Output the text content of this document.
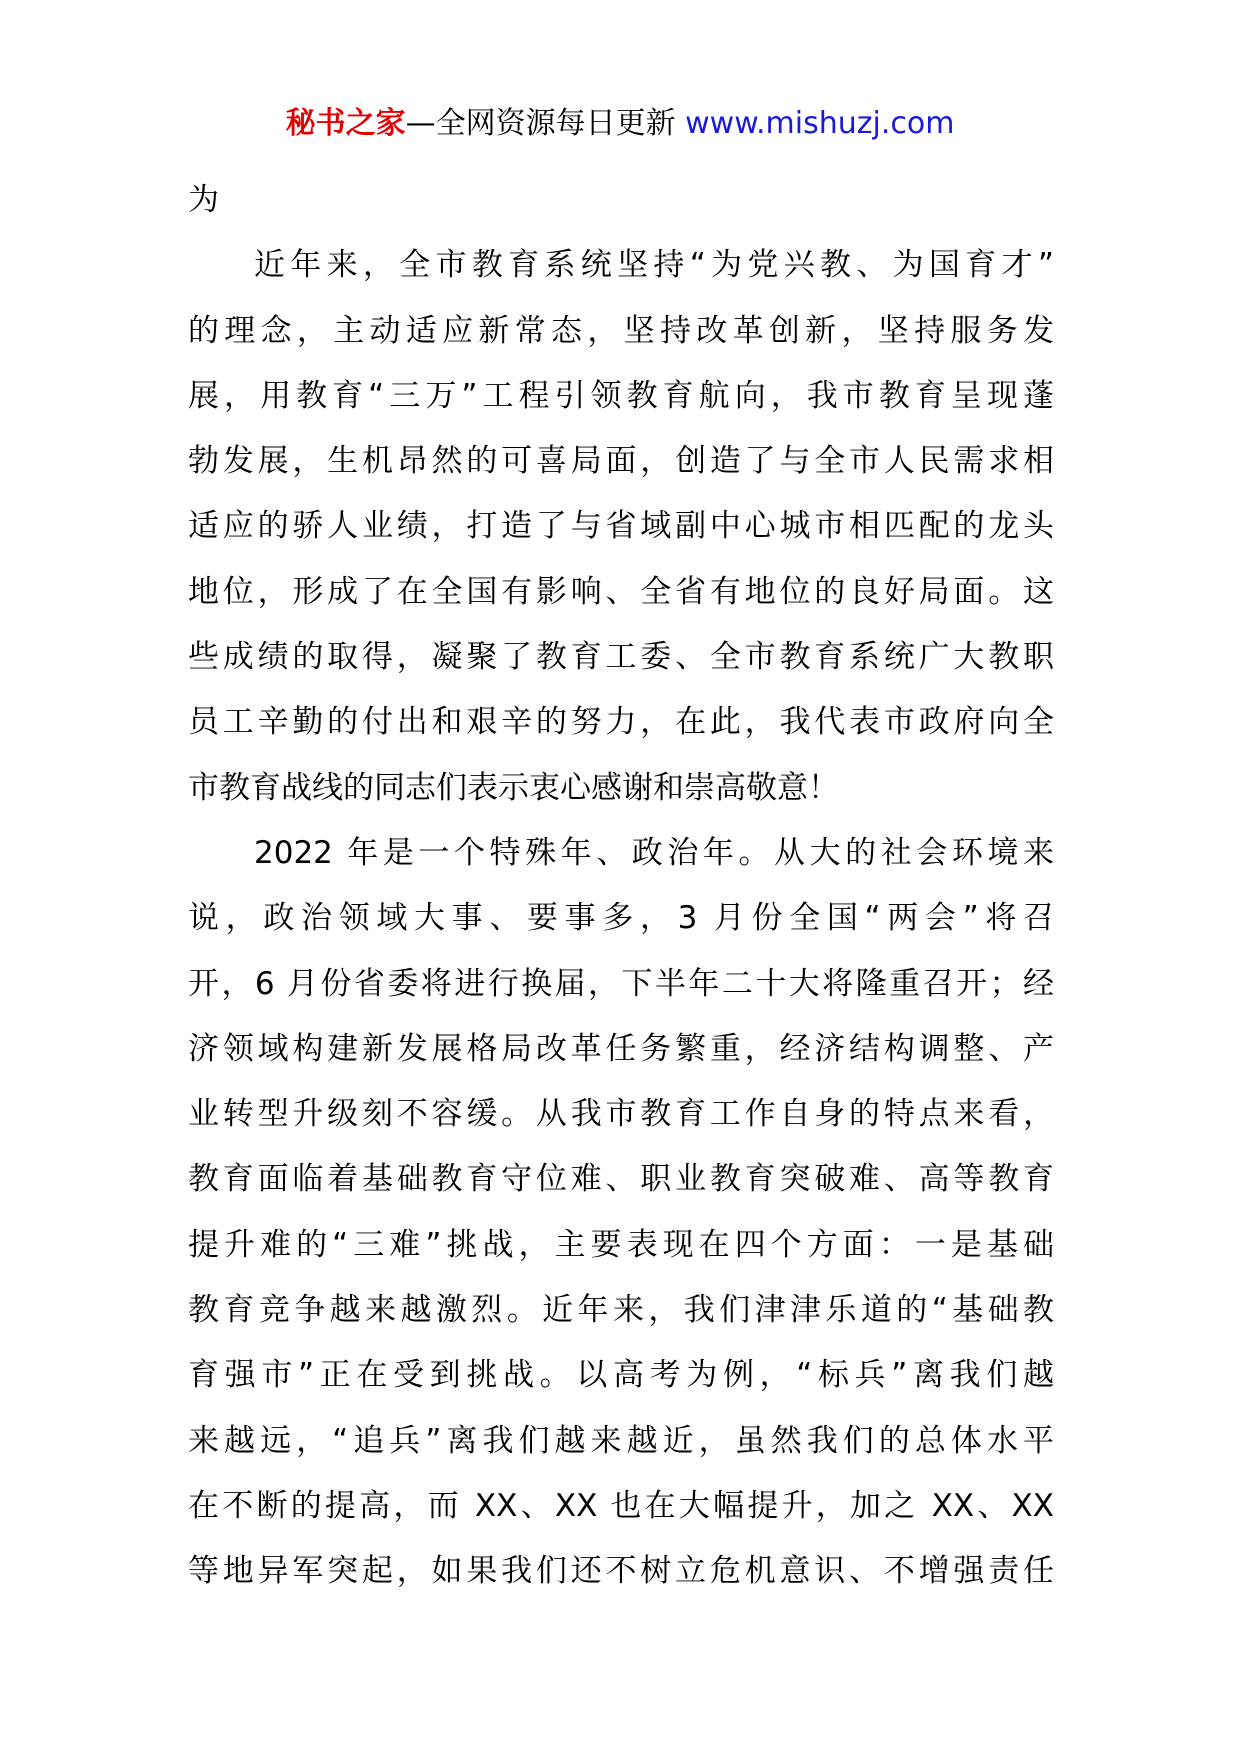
秘书之家—全网资源每日更新 www.mishuzj.com
为
近年来，全市教育系统坚持“为党兴教、为国育才”
的理念，主动适应新常态，坚持改革创新，坚持服务发
展，用教育“三万”工程引领教育航向，我市教育呈现蓬
勃发展，生机昂然的可喜局面，创造了与全市人民需求相
适应的骄人业绩，打造了与省域副中心城市相匹配的龙头
地位，形成了在全国有影响、全省有地位的良好局面。这
些成绩的取得，凝聚了教育工委、全市教育系统广大教职
员工辛勤的付出和艰辛的努力，在此，我代表市政府向全
市教育战线的同志们表示衷心感谢和崇高敬意！
2022 年是一个特殊年、政治年。从大的社会环境来
说，政治领域大事、要事多，3 月份全国“两会”将召
开，6 月份省委将进行换届，下半年二十大将隆重召开；经
济领域构建新发展格局改革任务繁重，经济结构调整、产
业转型升级刻不容缓。从我市教育工作自身的特点来看，
教育面临着基础教育守位难、职业教育突破难、高等教育
提升难的“三难”挑战，主要表现在四个方面：一是基础
教育竞争越来越激烈。近年来，我们津津乐道的“基础教
育强市”正在受到挑战。以高考为例，“标兵”离我们越
来越远，“追兵”离我们越来越近，虽然我们的总体水平
在不断的提高，而 XX、XX 也在大幅提升，加之 XX、XX
等地异军突起，如果我们还不树立危机意识、不增强责任
